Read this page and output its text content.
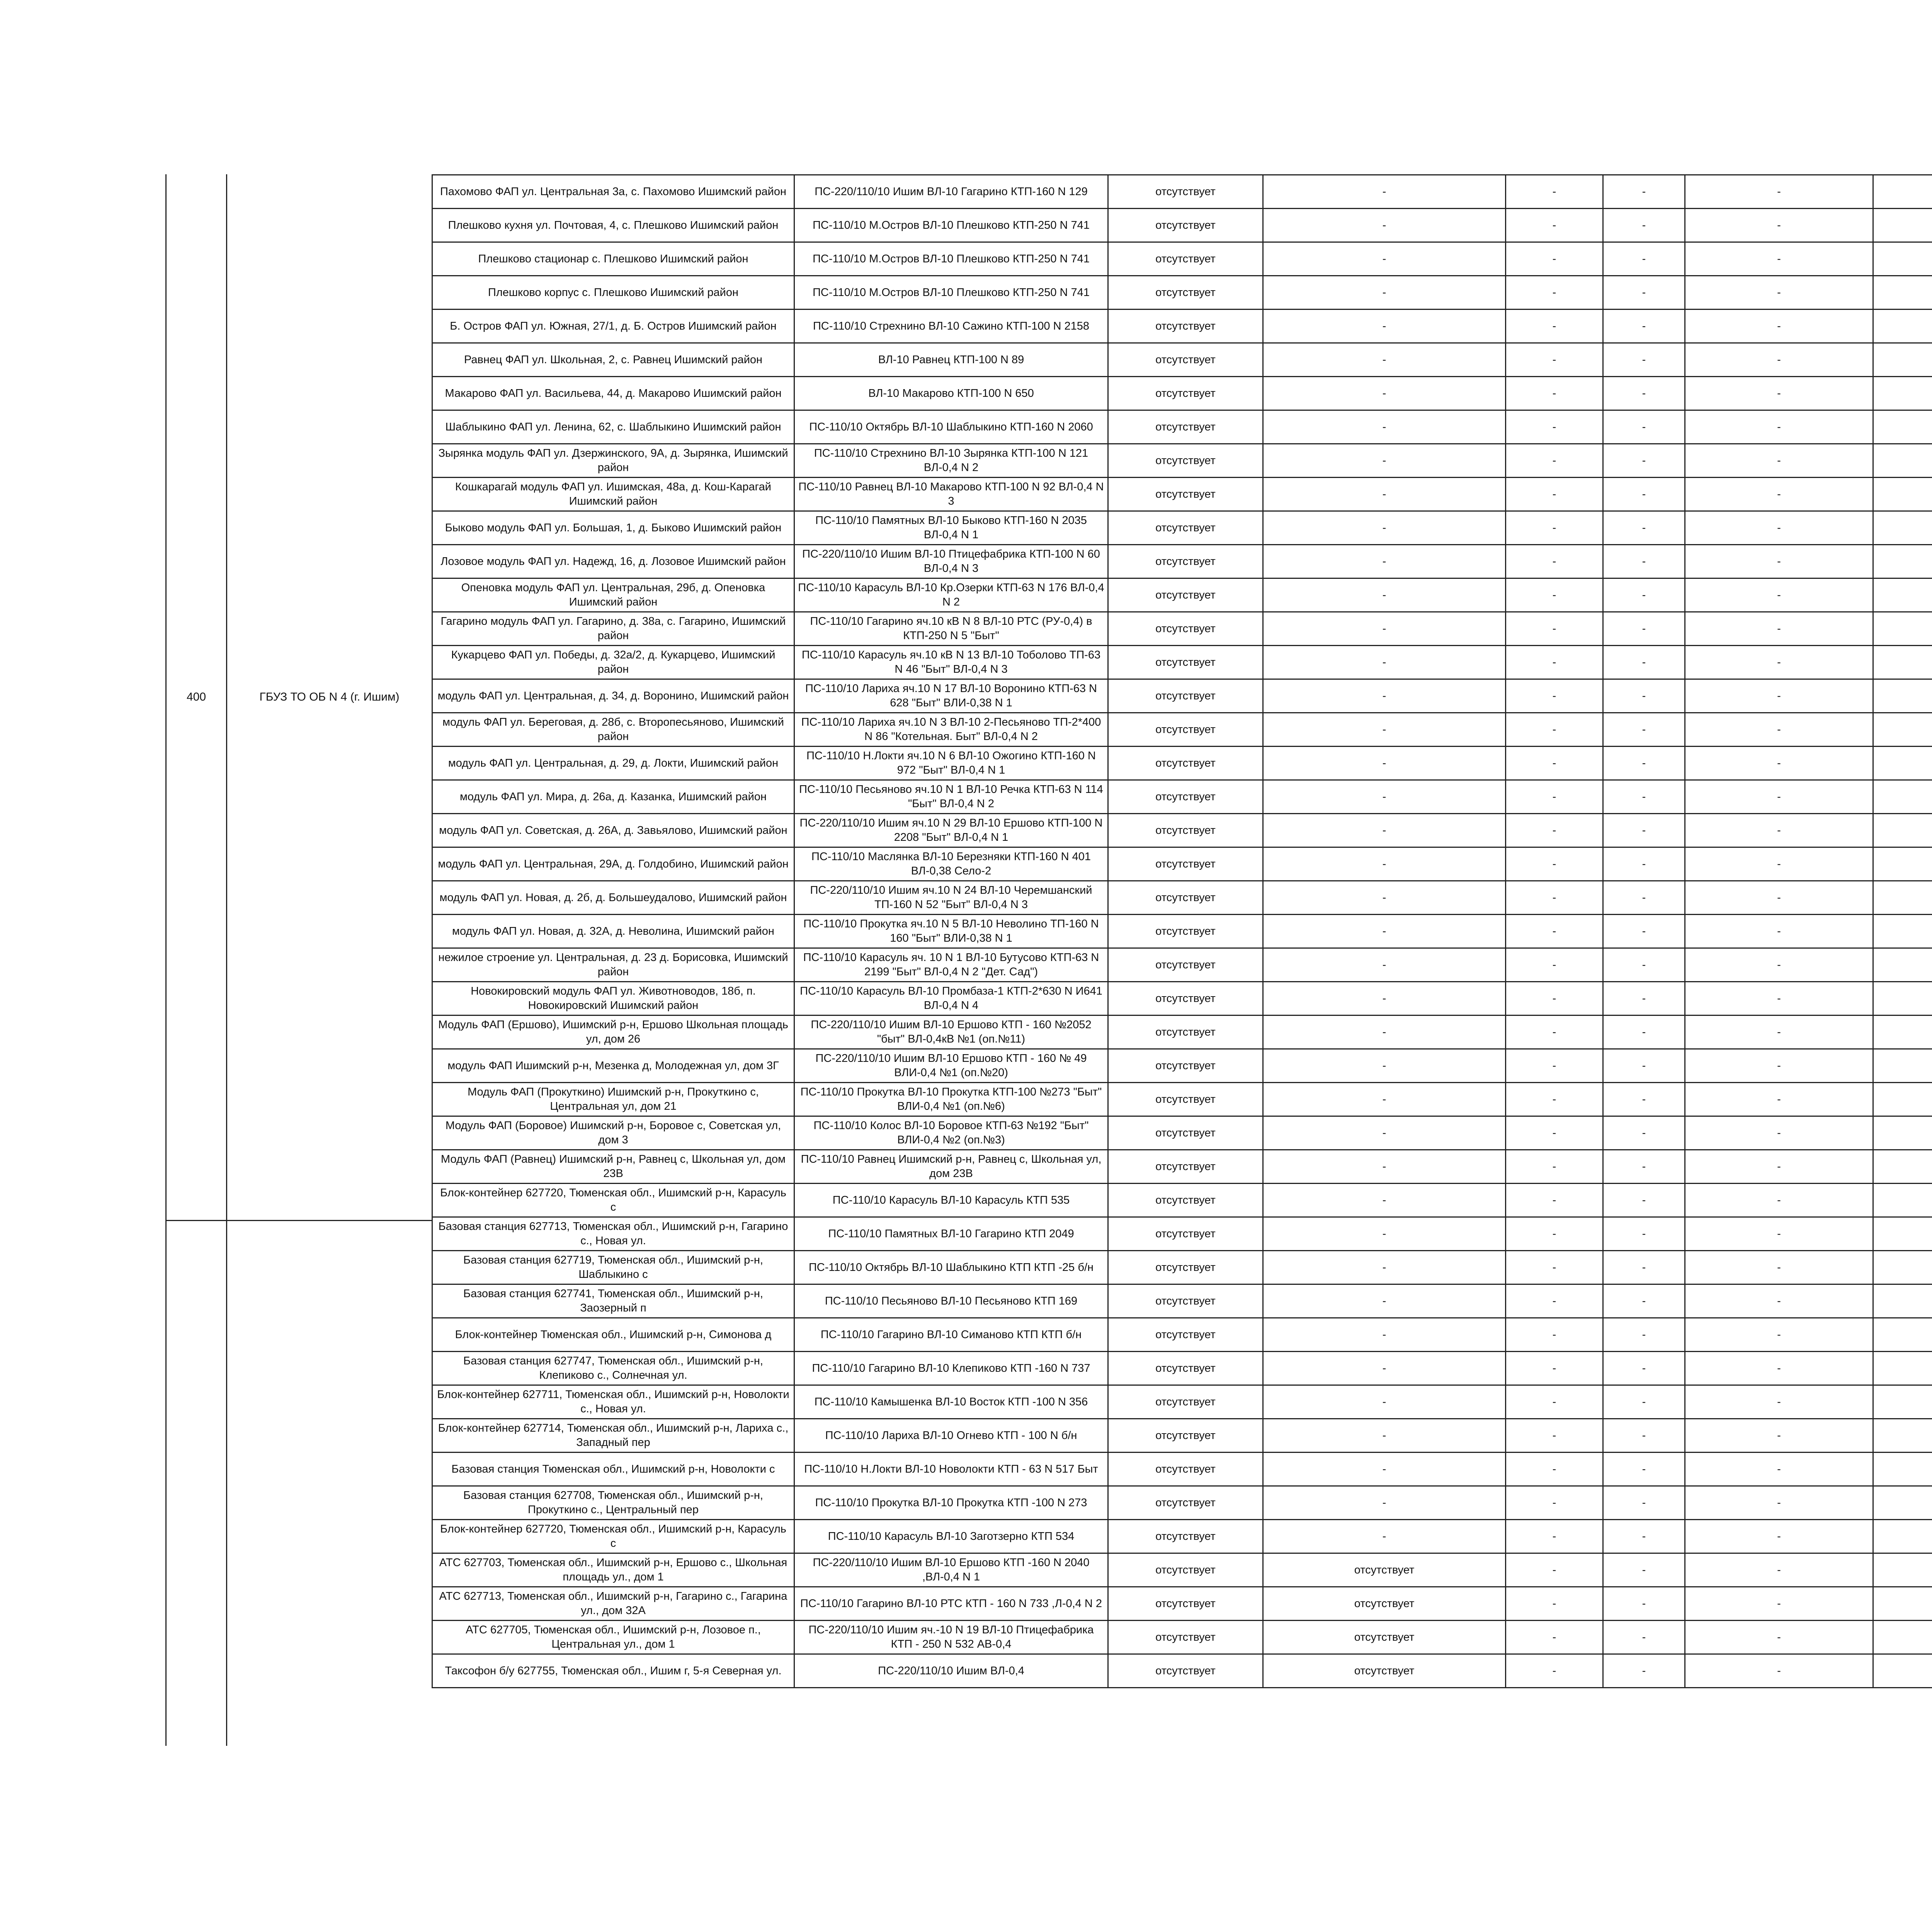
400	ГБУЗ ТО ОБ N 4 (г. Ишим)
Пахомово ФАП ул. Центральная 3а, с. Пахомово Ишимский район	ПС-220/110/10 Ишим ВЛ-10 Гагарино КТП-160 N 129	отсутствует	-	-	-	-		
Плешково кухня ул. Почтовая, 4, с. Плешково Ишимский район	ПС-110/10 М.Остров ВЛ-10 Плешково КТП-250 N 741	отсутствует	-	-	-	-		
Плешково стационар с. Плешково Ишимский район	ПС-110/10 М.Остров ВЛ-10 Плешково КТП-250 N 741	отсутствует	-	-	-	-		
Плешково корпус с. Плешково Ишимский район	ПС-110/10 М.Остров ВЛ-10 Плешково КТП-250 N 741	отсутствует	-	-	-	-		
Б. Остров ФАП ул. Южная, 27/1, д. Б. Остров Ишимский район	ПС-110/10 Стрехнино ВЛ-10 Сажино КТП-100 N 2158	отсутствует	-	-	-	-		
Равнец ФАП ул. Школьная, 2, с. Равнец Ишимский район	ВЛ-10 Равнец КТП-100 N 89	отсутствует	-	-	-	-		
Макарово ФАП ул. Васильева, 44, д. Макарово Ишимский район	ВЛ-10 Макарово КТП-100 N 650	отсутствует	-	-	-	-		
Шаблыкино ФАП ул. Ленина, 62, с. Шаблыкино Ишимский район	ПС-110/10 Октябрь ВЛ-10 Шаблыкино КТП-160 N 2060	отсутствует	-	-	-	-		
Зырянка модуль ФАП ул. Дзержинского, 9А, д. Зырянка, Ишимский район	ПС-110/10 Стрехнино ВЛ-10 Зырянка КТП-100 N 121 ВЛ-0,4 N 2	отсутствует	-	-	-	-		
Кошкарагай модуль ФАП ул. Ишимская, 48а, д. Кош-Карагай Ишимский район	ПС-110/10 Равнец ВЛ-10 Макарово КТП-100 N 92 ВЛ-0,4 N 3	отсутствует	-	-	-	-		
Быково модуль ФАП ул. Большая, 1, д. Быково Ишимский район	ПС-110/10 Памятных ВЛ-10 Быково КТП-160 N 2035 ВЛ-0,4 N 1	отсутствует	-	-	-	-		
Лозовое модуль ФАП ул. Надежд, 16, д. Лозовое Ишимский район	ПС-220/110/10 Ишим ВЛ-10 Птицефабрика КТП-100 N 60 ВЛ-0,4 N 3	отсутствует	-	-	-	-		
Опеновка модуль ФАП ул. Центральная, 29б, д. Опеновка Ишимский район	ПС-110/10 Карасуль ВЛ-10 Кр.Озерки КТП-63 N 176 ВЛ-0,4 N 2	отсутствует	-	-	-	-		
Гагарино модуль ФАП ул. Гагарино, д. 38а, с. Гагарино, Ишимский район	ПС-110/10 Гагарино яч.10 кВ N 8 ВЛ-10 РТС (РУ-0,4) в КТП-250 N 5 "Быт"	отсутствует	-	-	-	-		
Кукарцево ФАП ул. Победы, д. 32а/2, д. Кукарцево, Ишимский район	ПС-110/10 Карасуль яч.10 кВ N 13 ВЛ-10 Тоболово ТП-63 N 46 "Быт" ВЛ-0,4 N 3	отсутствует	-	-	-	-		
модуль ФАП ул. Центральная, д. 34, д. Воронино, Ишимский район	ПС-110/10 Лариха яч.10 N 17 ВЛ-10 Воронино КТП-63 N 628 "Быт" ВЛИ-0,38 N 1	отсутствует	-	-	-	-		
модуль ФАП ул. Береговая, д. 28б, с. Второпесьяново, Ишимский район	ПС-110/10 Лариха яч.10 N 3 ВЛ-10 2-Песьяново ТП-2*400 N 86 "Котельная. Быт" ВЛ-0,4 N 2	отсутствует	-	-	-	-		
модуль ФАП ул. Центральная, д. 29, д. Локти, Ишимский район	ПС-110/10 Н.Локти яч.10 N 6 ВЛ-10 Ожогино КТП-160 N 972 "Быт" ВЛ-0,4 N 1	отсутствует	-	-	-	-		
модуль ФАП ул. Мира, д. 26а, д. Казанка, Ишимский район	ПС-110/10 Песьяново яч.10 N 1 ВЛ-10 Речка КТП-63 N 114 "Быт" ВЛ-0,4 N 2	отсутствует	-	-	-	-		
модуль ФАП ул. Советская, д. 26А, д. Завьялово, Ишимский район	ПС-220/110/10 Ишим яч.10 N 29 ВЛ-10 Ершово КТП-100 N 2208 "Быт" ВЛ-0,4 N 1	отсутствует	-	-	-	-		
модуль ФАП ул. Центральная, 29А, д. Голдобино, Ишимский район	ПС-110/10 Маслянка ВЛ-10 Березняки КТП-160 N 401 ВЛ-0,38 Село-2	отсутствует	-	-	-	-		
модуль ФАП ул. Новая, д. 2б, д. Большеудалово, Ишимский район	ПС-220/110/10 Ишим яч.10 N 24 ВЛ-10 Черемшанский ТП-160 N 52 "Быт" ВЛ-0,4 N 3	отсутствует	-	-	-	-		
модуль ФАП ул. Новая, д. 32А, д. Неволина, Ишимский район	ПС-110/10 Прокутка яч.10 N 5 ВЛ-10 Неволино ТП-160 N 160 "Быт" ВЛИ-0,38 N 1	отсутствует	-	-	-	-		
нежилое строение ул. Центральная, д. 23 д. Борисовка, Ишимский район	ПС-110/10 Карасуль яч. 10 N 1 ВЛ-10 Бутусово КТП-63 N 2199 "Быт" ВЛ-0,4 N 2 "Дет. Сад")	отсутствует	-	-	-	-		
Новокировский модуль ФАП ул. Животноводов, 18б, п. Новокировский Ишимский район	ПС-110/10 Карасуль ВЛ-10 Промбаза-1 КТП-2*630 N И641 ВЛ-0,4 N 4	отсутствует	-	-	-	-		
Модуль ФАП (Ершово), Ишимский р-н, Ершово Школьная площадь ул, дом 26	ПС-220/110/10 Ишим ВЛ-10 Ершово КТП - 160 №2052 "быт" ВЛ-0,4кВ №1 (оп.№11)	отсутствует	-	-	-	-		
модуль ФАП Ишимский р-н, Мезенка д, Молодежная ул, дом 3Г	ПС-220/110/10 Ишим ВЛ-10 Ершово КТП - 160 № 49 ВЛИ-0,4 №1 (оп.№20)	отсутствует	-	-	-	-		
Модуль ФАП (Прокуткино) Ишимский р-н, Прокуткино с, Центральная ул, дом 21	ПС-110/10 Прокутка ВЛ-10 Прокутка КТП-100 №273 "Быт" ВЛИ-0,4 №1 (оп.№6)	отсутствует	-	-	-	-		
Модуль ФАП (Боровое) Ишимский р-н, Боровое с, Советская ул, дом 3	ПС-110/10 Колос ВЛ-10 Боровое КТП-63 №192 "Быт" ВЛИ-0,4 №2 (оп.№3)	отсутствует	-	-	-	-		
Модуль ФАП (Равнец) Ишимский р-н, Равнец с, Школьная ул, дом 23В	ПС-110/10 Равнец Ишимский р-н, Равнец с, Школьная ул, дом 23В	отсутствует	-	-	-	-		
Блок-контейнер 627720, Тюменская обл., Ишимский р-н, Карасуль с	ПС-110/10 Карасуль ВЛ-10 Карасуль КТП 535	отсутствует	-	-	-	-		
Базовая станция 627713, Тюменская обл., Ишимский р-н, Гагарино с., Новая ул.	ПС-110/10 Памятных ВЛ-10 Гагарино КТП 2049	отсутствует	-	-	-	-		
Базовая станция 627719, Тюменская обл., Ишимский р-н, Шаблыкино с	ПС-110/10 Октябрь ВЛ-10 Шаблыкино КТП КТП -25 б/н	отсутствует	-	-	-	-		
Базовая станция 627741, Тюменская обл., Ишимский р-н, Заозерный п	ПС-110/10 Песьяново ВЛ-10 Песьяново КТП 169	отсутствует	-	-	-	-		
Блок-контейнер Тюменская обл., Ишимский р-н, Симонова д	ПС-110/10 Гагарино ВЛ-10 Симаново КТП КТП б/н	отсутствует	-	-	-	-		
Базовая станция 627747, Тюменская обл., Ишимский р-н, Клепиково с., Солнечная ул.	ПС-110/10 Гагарино ВЛ-10 Клепиково КТП -160 N 737	отсутствует	-	-	-	-		
Блок-контейнер 627711, Тюменская обл., Ишимский р-н, Новолокти с., Новая ул.	ПС-110/10 Камышенка ВЛ-10 Восток КТП -100 N 356	отсутствует	-	-	-	-		
Блок-контейнер 627714, Тюменская обл., Ишимский р-н, Лариха с., Западный пер	ПС-110/10 Лариха ВЛ-10 Огнево КТП - 100 N б/н	отсутствует	-	-	-	-		
Базовая станция Тюменская обл., Ишимский р-н, Новолокти с	ПС-110/10 Н.Локти ВЛ-10 Новолокти КТП - 63 N 517 Быт	отсутствует	-	-	-	-		
Базовая станция 627708, Тюменская обл., Ишимский р-н, Прокуткино с., Центральный пер	ПС-110/10 Прокутка ВЛ-10 Прокутка КТП -100 N 273	отсутствует	-	-	-	-		
Блок-контейнер 627720, Тюменская обл., Ишимский р-н, Карасуль с	ПС-110/10 Карасуль ВЛ-10 Заготзерно КТП 534	отсутствует	-	-	-	-		
АТС 627703, Тюменская обл., Ишимский р-н, Ершово с., Школьная площадь ул., дом 1	ПС-220/110/10 Ишим ВЛ-10 Ершово КТП -160 N 2040 ,ВЛ-0,4 N 1	отсутствует	отсутствует	-	-	-		
АТС 627713, Тюменская обл., Ишимский р-н, Гагарино с., Гагарина ул., дом 32А	ПС-110/10 Гагарино ВЛ-10 РТС КТП - 160 N 733 ,Л-0,4 N 2	отсутствует	отсутствует	-	-	-		
АТС 627705, Тюменская обл., Ишимский р-н, Лозовое п., Центральная ул., дом 1	ПС-220/110/10 Ишим яч.-10 N 19 ВЛ-10 Птицефабрика КТП - 250 N 532 АВ-0,4	отсутствует	отсутствует	-	-	-		
Таксофон б/у 627755, Тюменская обл., Ишим г, 5-я Северная ул.	ПС-220/110/10 Ишим ВЛ-0,4	отсутствует	отсутствует	-	-	-		
